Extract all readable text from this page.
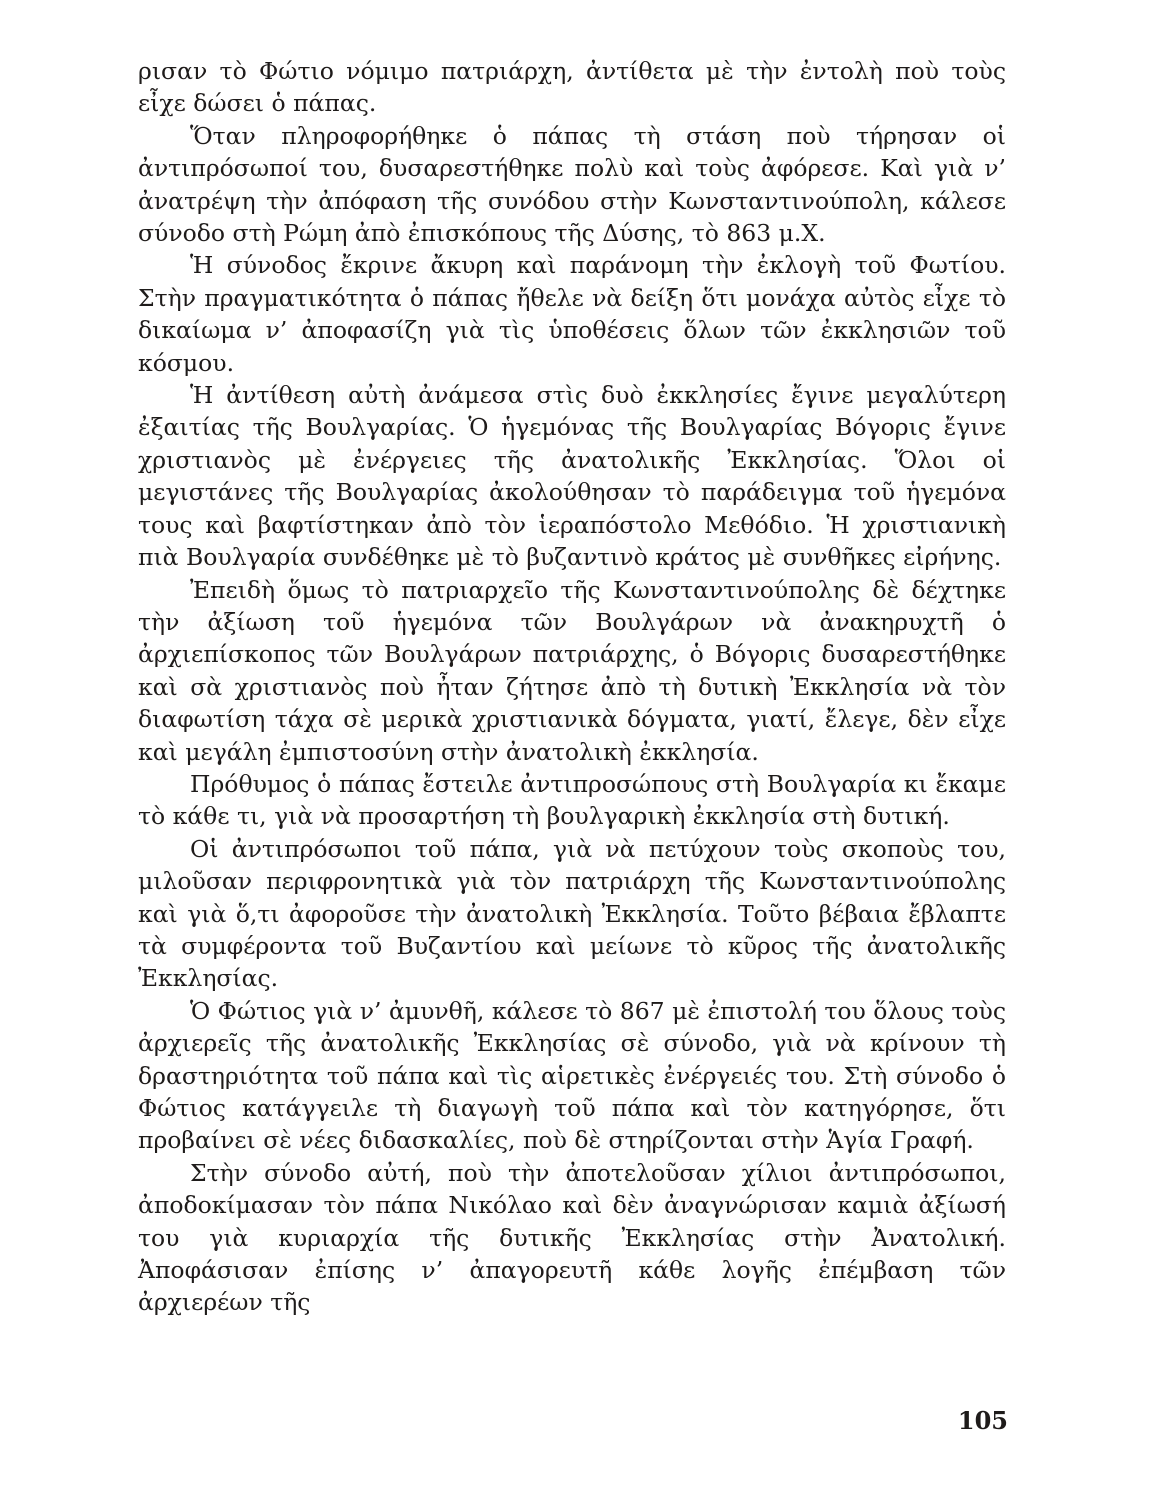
ρισαν τὸ Φώτιο νόμιμο πατριάρχη, ἀντίθετα μὲ τὴν ἐντολὴ ποὺ τοὺς εἶχε δώσει ὁ πάπας.

Ὅταν πληροφορήθηκε ὁ πάπας τὴ στάση ποὺ τήρησαν οἱ ἀντιπρόσωποί του, δυσαρεστήθηκε πολὺ καὶ τοὺς ἀφόρεσε. Καὶ γιὰ ν’ ἀνατρέψη τὴν ἀπόφαση τῆς συνόδου στὴν Κωνσταντινούπολη, κάλεσε σύνοδο στὴ Ρώμη ἀπὸ ἐπισκόπους τῆς Δύσης, τὸ 863 μ.Χ.

Ἡ σύνοδος ἔκρινε ἄκυρη καὶ παράνομη τὴν ἐκλογὴ τοῦ Φωτίου. Στὴν πραγματικότητα ὁ πάπας ἤθελε νὰ δείξη ὅτι μονάχα αὐτὸς εἶχε τὸ δικαίωμα ν’ ἀποφασίζη γιὰ τὶς ὑποθέσεις ὅλων τῶν ἐκκλησιῶν τοῦ κόσμου.

Ἡ ἀντίθεση αὐτὴ ἀνάμεσα στὶς δυὸ ἐκκλησίες ἔγινε μεγαλύτερη ἐξαιτίας τῆς Βουλγαρίας. Ὁ ἡγεμόνας τῆς Βουλγαρίας Βόγορις ἔγινε χριστιανὸς μὲ ἐνέργειες τῆς ἀνατολικῆς Ἐκκλησίας. Ὅλοι οἱ μεγιστάνες τῆς Βουλγαρίας ἀκολούθησαν τὸ παράδειγμα τοῦ ἡγεμόνα τους καὶ βαφτίστηκαν ἀπὸ τὸν ἱεραπόστολο Μεθόδιο. Ἡ χριστιανικὴ πιὰ Βουλγαρία συνδέθηκε μὲ τὸ βυζαντινὸ κράτος μὲ συνθῆκες εἰρήνης.

Ἐπειδὴ ὅμως τὸ πατριαρχεῖο τῆς Κωνσταντινούπολης δὲ δέχτηκε τὴν ἀξίωση τοῦ ἡγεμόνα τῶν Βουλγάρων νὰ ἀνακηρυχτῆ ὁ ἀρχιεπίσκοπος τῶν Βουλγάρων πατριάρχης, ὁ Βόγορις δυσαρεστήθηκε καὶ σὰ χριστιανὸς ποὺ ἦταν ζήτησε ἀπὸ τὴ δυτικὴ Ἐκκλησία νὰ τὸν διαφωτίση τάχα σὲ μερικὰ χριστιανικὰ δόγματα, γιατί, ἔλεγε, δὲν εἶχε καὶ μεγάλη ἐμπιστοσύνη στὴν ἀνατολικὴ ἐκκλησία.

Πρόθυμος ὁ πάπας ἔστειλε ἀντιπροσώπους στὴ Βουλγαρία κι ἔκαμε τὸ κάθε τι, γιὰ νὰ προσαρτήση τὴ βουλγαρικὴ ἐκκλησία στὴ δυτική.

Οἱ ἀντιπρόσωποι τοῦ πάπα, γιὰ νὰ πετύχουν τοὺς σκοποὺς του, μιλοῦσαν περιφρονητικὰ γιὰ τὸν πατριάρχη τῆς Κωνσταντινούπολης καὶ γιὰ ὅ,τι ἀφοροῦσε τὴν ἀνατολικὴ Ἐκκλησία. Τοῦτο βέβαια ἔβλαπτε τὰ συμφέροντα τοῦ Βυζαντίου καὶ μείωνε τὸ κῦρος τῆς ἀνατολικῆς Ἐκκλησίας.

Ὁ Φώτιος γιὰ ν’ ἀμυνθῆ, κάλεσε τὸ 867 μὲ ἐπιστολή του ὅλους τοὺς ἀρχιερεῖς τῆς ἀνατολικῆς Ἐκκλησίας σὲ σύνοδο, γιὰ νὰ κρίνουν τὴ δραστηριότητα τοῦ πάπα καὶ τὶς αἱρετικὲς ἐνέργειές του. Στὴ σύνοδο ὁ Φώτιος κατάγγειλε τὴ διαγωγὴ τοῦ πάπα καὶ τὸν κατηγόρησε, ὅτι προβαίνει σὲ νέες διδασκαλίες, ποὺ δὲ στηρίζονται στὴν Ἁγία Γραφή.

Στὴν σύνοδο αὐτή, ποὺ τὴν ἀποτελοῦσαν χίλιοι ἀντιπρόσωποι, ἀποδοκίμασαν τὸν πάπα Νικόλαο καὶ δὲν ἀναγνώρισαν καμιὰ ἀξίωσή του γιὰ κυριαρχία τῆς δυτικῆς Ἐκκλησίας στὴν Ἀνατολική. Ἀποφάσισαν ἐπίσης ν’ ἀπαγορευτῆ κάθε λογῆς ἐπέμβαση τῶν ἀρχιερέων τῆς

105
